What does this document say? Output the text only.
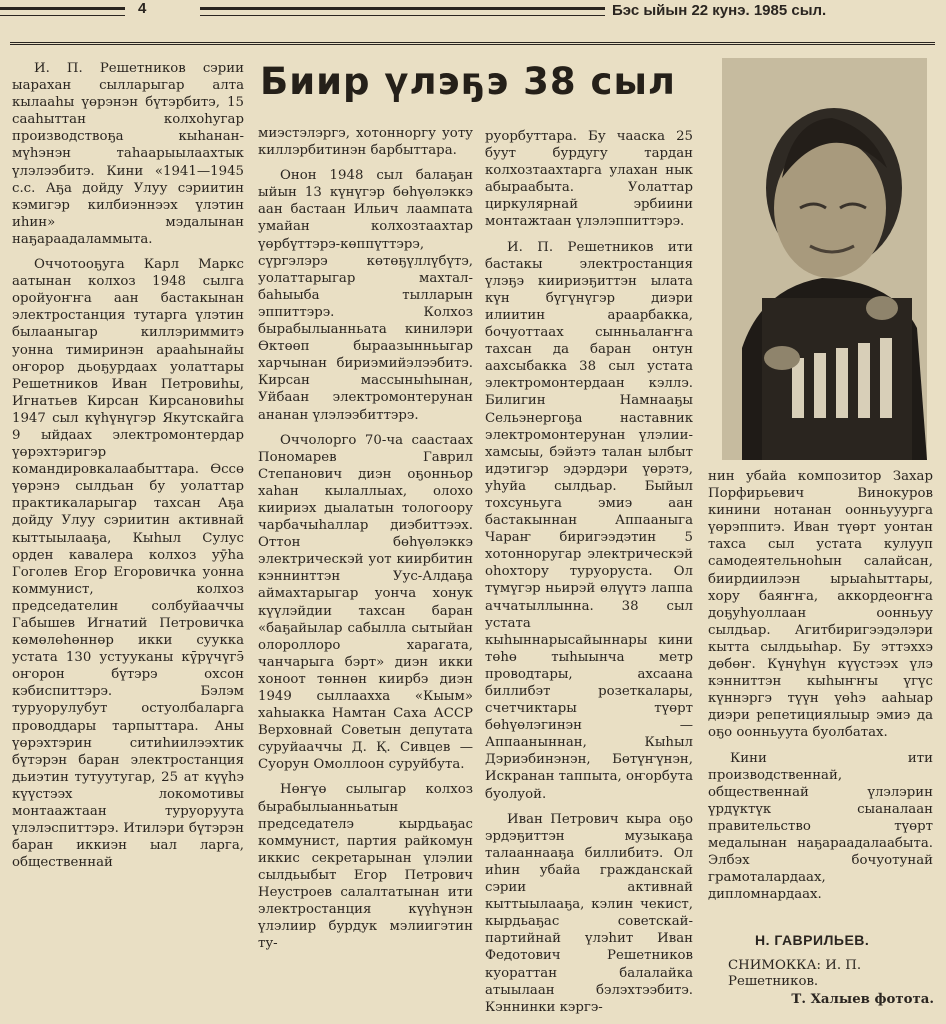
4	Бэс ыйын 22 кунэ. 1985 сыл.
Биир үлэҕэ 38 сыл

И. П. Решетников сэрии ыарахан сылларыгар алта кылааһы үөрэнэн бүтэрбитэ, 15 сааһыттан колхоһугар производствоҕа кыһанан-мүһэнэн таһаарыылаахтык үлэлээбитэ. Кини «1941—1945 с.с. Аҕа дойду Улуу сэриитин кэмигэр килбиэннээх үлэтин иһин» мэдалынан наҕараадаламмыта.

Оччотооҕуга Карл Маркс аатынан колхоз 1948 сылга оройуоҥҥа аан бастакынан электростанция тутарга үлэтин былааныгар киллэриммитэ уонна тимиринэн арааһынайы оҥорор дьоҕурдаах уолаттары Решетников Иван Петровиһы, Игнатьев Кирсан Кирсановиһы 1947 сыл күһүнүгэр Якутскайга 9 ыйдаах электромонтердар үөрэхтэригэр командировкалаабыттара. Өссө үөрэнэ сылдьан бу уолаттар практикаларыгар тахсан Аҕа дойду Улуу сэриитин активнай кыттыылааҕа, Кыһыл Сулус орден кавалера колхоз уӯһа Гоголев Егор Егоровичка уонна коммунист, колхоз председателин солбуйааччы Габышев Игнатий Петровичка көмөлөһөннөр икки суукка устата 130 устууканы кү̄рүчүгэ̄ оҥорон бүтэрэ охсон кэбиспиттэрэ. Бэлэм туруорулубут остуолбаларга проводдары тарпыттара. Аны үөрэхтэрин ситиһиилээхтик бүтэрэн баран электростанция дьиэтин тутуутугар, 25 ат күүһэ күүстээх локомотивы монтаажтаан туруоруута үлэлэспиттэрэ. Итилэри бүтэрэн баран иккиэн ыал ларга, общественнай

миэстэлэргэ, хотонноргу уоту киллэрбитинэн барбыттара.

Онон 1948 сыл балаҕан ыйын 13 күнүгэр бөһүөлэккэ аан бастаан Ильич лаампата умайан колхозтаахтар үөрбүттэрэ-көппүттэрэ, сүргэлэрэ көтөҕүллүбүтэ, уолаттарыгар махтал-баһыыба тылларын эппиттэрэ. Колхоз бырабылыанньатa кинилэри Өктөөп быраазынньыгар харчынан бириэмийэлээбитэ. Кирсан массыныһынан, Уйбаан электромонтерунан ананан үлэлээбиттэрэ.

Оччолорго 70-ча саастаах Пономарев Гаврил Степанович диэн оҕонньор хаһан кылаллыах, олохо киириэх дыалатын тологоору чарбачыһаллар диэбиттээх. Оттон бөһүөлэккэ электрическэй уот киирбитин кэннинттэн Уус-Алдаҕа аймахтарыгар уонча хонук күүлэйдии тахсан баран «баҕайылар сабылла сытыйан олороллоро харагата, чанчарыга бэрт» диэн икки хоноот төннөн киирбэ диэн 1949 сыллаахха «Кыым» хаһыакка Намтан Саха АССР Верховнай Советын депутата суруйааччы Д. Қ. Сивцев — Суорун Омоллоон суруйбута.

Нөҥүө сылыгар колхоз бырабылыанньатын председателэ кырдьаҕас коммунист, партия райкомун иккис секретарынан үлэлии сылдьыбыт Егор Петрович Неустроев салалтатынан ити электростанция күүһүнэн үлэлиир бурдук мэлиигэтин ту-

руорбуттара. Бу чааска 25 буут бурдугу тардан колхозтаахтарга улахан нык абыраабыта. Уолаттар циркулярнай эрбиини монтажтаан үлэлэппиттэрэ.

И. П. Решетников ити бастакы электростанция үлэҕэ киириэҕиттэн ылата күн бүгүнүгэр диэри илиитин араарбакка, бочуоттаах сынньалаҥҥа тахсан да баран онтун аахсыбакка 38 сыл устата электромонтердаан кэллэ. Билигин Намнааҕы Сельэнергоҕа наставник электромонтерунан үлэлии-хамсыы, бэйэтэ талан ылбыт идэтигэр эдэрдэри үөрэтэ, уһуйа сылдьар. Быйыл тохсуньуга эмиэ аан бастакыннан Аппааныга Чараҥ биригээдэтин 5 хотонноругар электрическэй оһохтору туруоруста. Ол түмүгэр ньирэй өлүүтэ лаппа аччатыллынна. 38 сыл устата кыһыннарысайыннары кини төһө тыһыынча метр проводтары, ахсаана биллибэт розеткалары, счетчиктары түөрт бөһүөлэгинэн — Аппааныннан, Кыһыл Дэриэбинэнэн, Бөтүҥүнэн, Искранан таппыта, оҥорбута буолуой.

Иван Петрович кыра оҕо эрдэҕиттэн музыкаҕа талааннааҕа биллибитэ. Ол иһин убайа гражданскай сэрии активнай кыттыылааҕа, кэлин чекист, кырдьаҕас советскай-партийнай үлэһит Иван Федотович Решетников куораттан балалайка атыылаан бэлэхтээбитэ. Кэннинки кэргэ-

нин убайа композитор Захар Порфирьевич Винокуров кинини нотанан оонньууурга үөрэппитэ. Иван түөрт уонтан тахса сыл устата кулууп самодеятельноһын салайсан, биирдиилээн ырыаһыттары, хору баяҥҥа, аккордеоҥҥа доҕуһуоллаан оонньуу сылдьар. Агитбиригээдэлэри кытта сылдьыһар. Бу эттэххэ дөбөҥ. Күнүһүн күүстээх үлэ кэнниттэн кыһыҥҥы үгүс күннэргэ түүн үөһэ ааһыар диэри репетициялыыр эмиэ да оҕо оонньуута буолбатах.

Кини ити производственнай, общественнай үлэлэрин үрдүктүк сыаналаан правительство түөрт медалынан наҕараадалаабыта. Элбэх бочуотунай грамоталардаах, дипломнардаах.

Н. ГАВРИЛЬЕВ.
СНИМОККА: И. П. Решетников.
Т. Халыев фотота.
